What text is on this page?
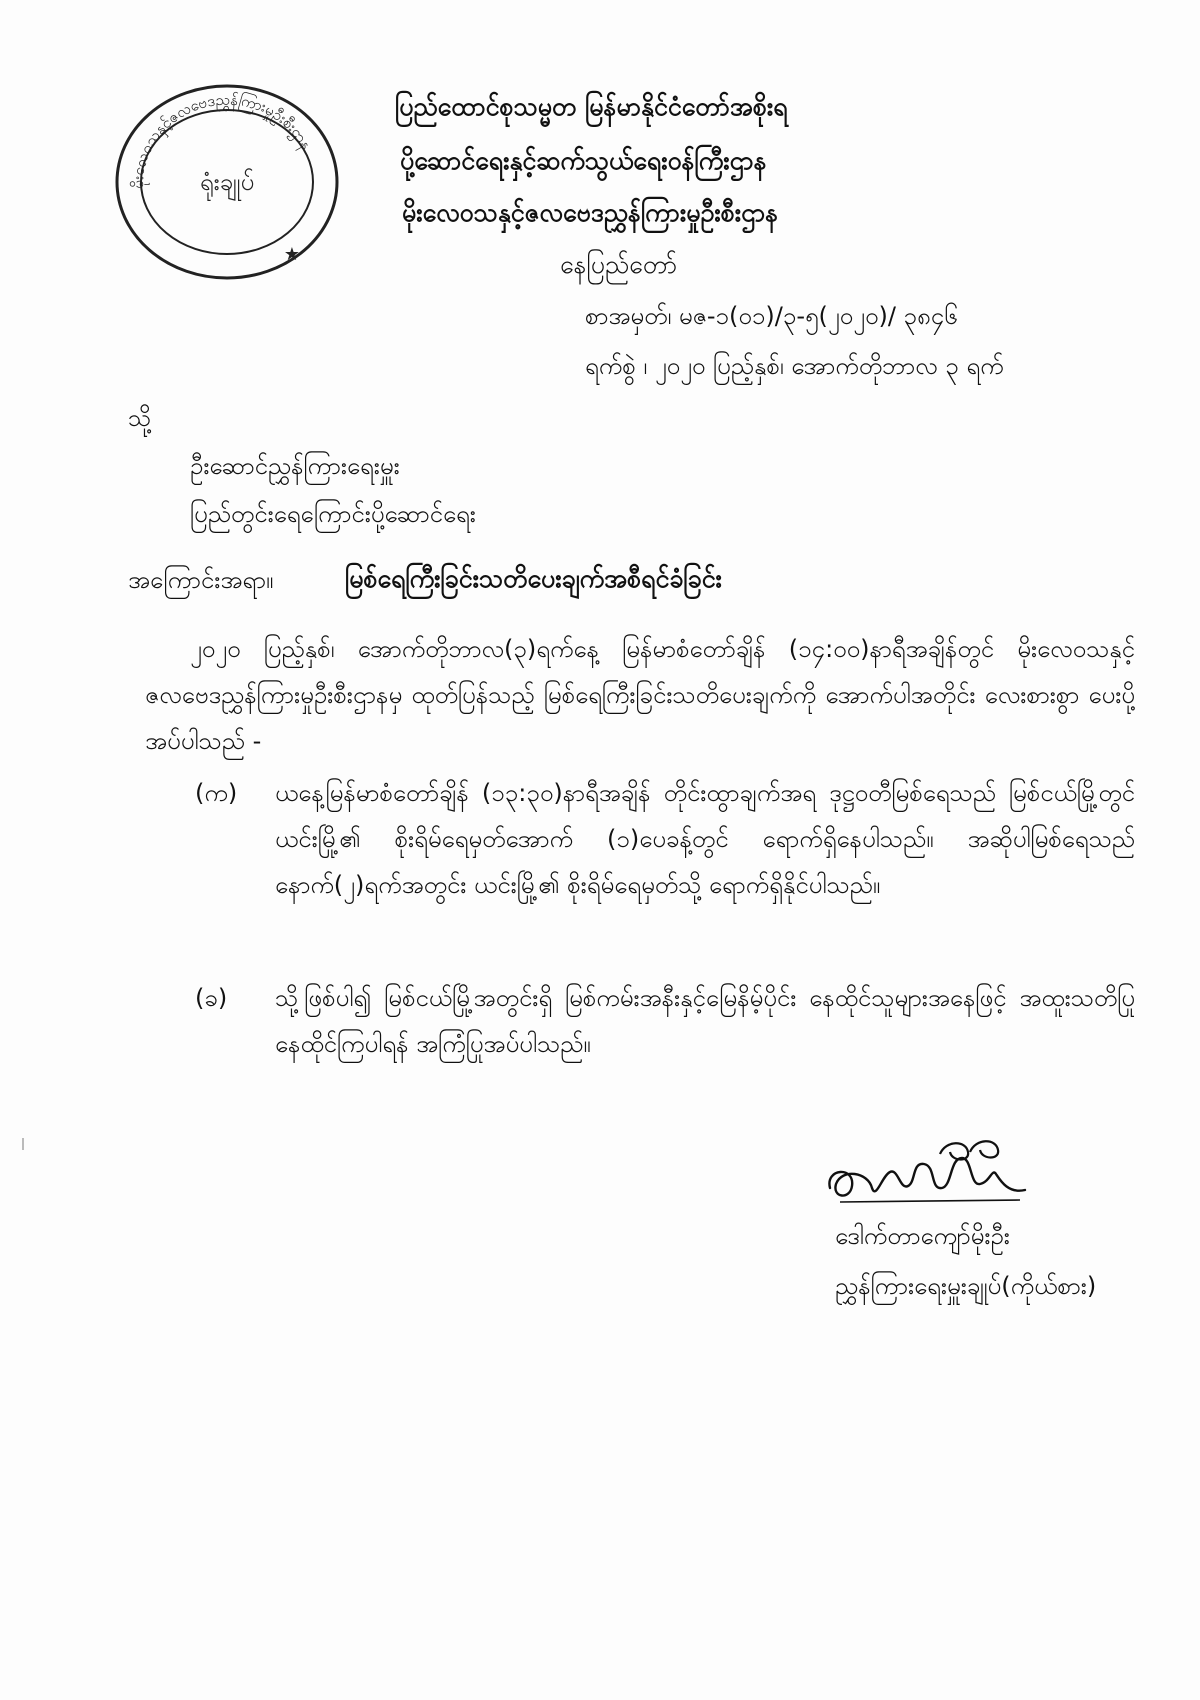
မိုးလေဝသနှင့်ဇလဗေဒညွှန်ကြားမှုဦးစီးဌာန
ရုံးချုပ်
★
ပြည်ထောင်စုသမ္မတ မြန်မာနိုင်ငံတော်အစိုးရ
ပို့ဆောင်ရေးနှင့်ဆက်သွယ်ရေးဝန်ကြီးဌာန
မိုးလေဝသနှင့်ဇလဗေဒညွှန်ကြားမှုဦးစီးဌာန
နေပြည်တော်
စာအမှတ်၊ မဇ-၁(၀၁)/၃-၅(၂၀၂၀)/ ၃၈၄၆
ရက်စွဲ ၊ ၂၀၂၀ ပြည့်နှစ်၊ အောက်တိုဘာလ ၃ ရက်
သို့
ဦးဆောင်ညွှန်ကြားရေးမှူး
ပြည်တွင်းရေကြောင်းပို့ဆောင်ရေး
အကြောင်းအရာ။	မြစ်ရေကြီးခြင်းသတိပေးချက်အစီရင်ခံခြင်း
၂၀၂၀ ပြည့်နှစ်၊ အောက်တိုဘာလ(၃)ရက်နေ့ မြန်မာစံတော်ချိန် (၁၄:၀၀)နာရီအချိန်တွင် မိုးလေဝသနှင့် ဇလဗေဒညွှန်ကြားမှုဦးစီးဌာနမှ ထုတ်ပြန်သည့် မြစ်ရေကြီးခြင်းသတိပေးချက်ကို အောက်ပါအတိုင်း လေးစားစွာ ပေးပို့အပ်ပါသည် -
(က)	ယနေ့မြန်မာစံတော်ချိန် (၁၃:၃၀)နာရီအချိန် တိုင်းထွာချက်အရ ဒုဋ္ဌဝတီမြစ်ရေသည် မြစ်ငယ်မြို့တွင် ယင်းမြို့၏ စိုးရိမ်ရေမှတ်အောက် (၁)ပေခန့်တွင် ရောက်ရှိနေပါသည်။ အဆိုပါမြစ်ရေသည် နောက်(၂)ရက်အတွင်း ယင်းမြို့၏ စိုးရိမ်ရေမှတ်သို့ ရောက်ရှိနိုင်ပါသည်။
(ခ)	သို့ဖြစ်ပါ၍ မြစ်ငယ်မြို့အတွင်းရှိ မြစ်ကမ်းအနီးနှင့်မြေနိမ့်ပိုင်း နေထိုင်သူများအနေဖြင့် အထူးသတိပြု နေထိုင်ကြပါရန် အကြံပြုအပ်ပါသည်။
ဒေါက်တာကျော်မိုးဦး
ညွှန်ကြားရေးမှူးချုပ်(ကိုယ်စား)
